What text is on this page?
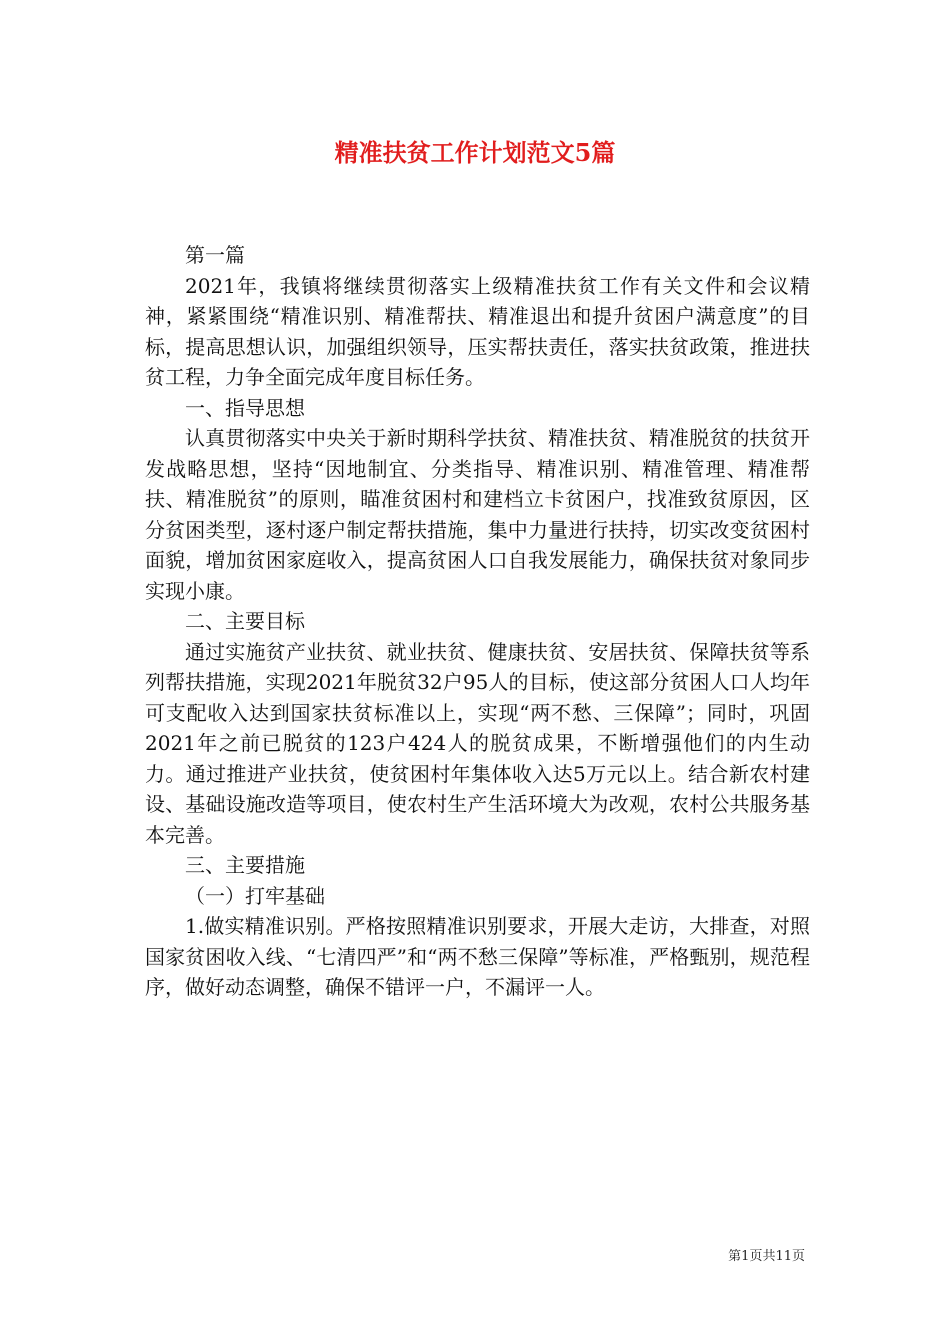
精准扶贫工作计划范文5篇

第一篇

2021年，我镇将继续贯彻落实上级精准扶贫工作有关文件和会议精神，紧紧围绕“精准识别、精准帮扶、精准退出和提升贫困户满意度”的目标，提高思想认识，加强组织领导，压实帮扶责任，落实扶贫政策，推进扶贫工程，力争全面完成年度目标任务。

一、指导思想

认真贯彻落实中央关于新时期科学扶贫、精准扶贫、精准脱贫的扶贫开发战略思想，坚持“因地制宜、分类指导、精准识别、精准管理、精准帮扶、精准脱贫”的原则，瞄准贫困村和建档立卡贫困户，找准致贫原因，区分贫困类型，逐村逐户制定帮扶措施，集中力量进行扶持，切实改变贫困村面貌，增加贫困家庭收入，提高贫困人口自我发展能力，确保扶贫对象同步实现小康。

二、主要目标

通过实施贫产业扶贫、就业扶贫、健康扶贫、安居扶贫、保障扶贫等系列帮扶措施，实现2021年脱贫32户95人的目标，使这部分贫困人口人均年可支配收入达到国家扶贫标准以上，实现“两不愁、三保障”；同时，巩固2021年之前已脱贫的123户424人的脱贫成果，不断增强他们的内生动力。通过推进产业扶贫，使贫困村年集体收入达5万元以上。结合新农村建设、基础设施改造等项目，使农村生产生活环境大为改观，农村公共服务基本完善。

三、主要措施

（一）打牢基础

1.做实精准识别。严格按照精准识别要求，开展大走访，大排查，对照国家贫困收入线、“七清四严”和“两不愁三保障”等标准，严格甄别，规范程序，做好动态调整，确保不错评一户，不漏评一人。

第1页共11页
